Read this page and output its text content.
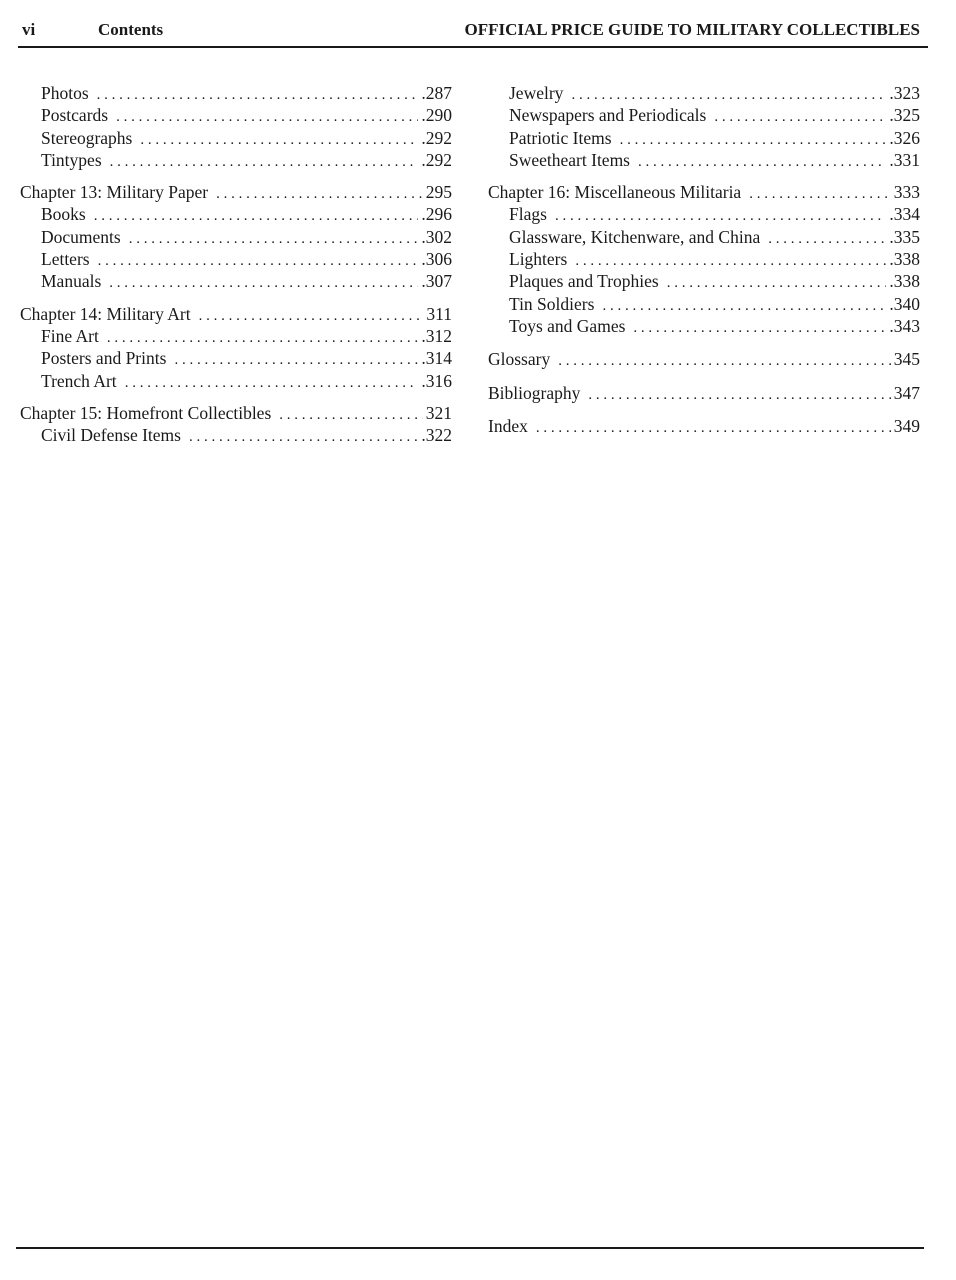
vi	Contents	OFFICIAL PRICE GUIDE TO MILITARY COLLECTIBLES
Photos . . .	.287
Postcards . . .	.290
Stereographs . . .	.292
Tintypes . . .	.292
Chapter 13: Military Paper . . .	295
Books . . .	.296
Documents . . .	.302
Letters . . .	.306
Manuals . . .	.307
Chapter 14: Military Art . . .	311
Fine Art . . .	.312
Posters and Prints . . .	.314
Trench Art . . .	.316
Chapter 15: Homefront Collectibles . . .	321
Civil Defense Items . . .	.322
Jewelry . . .	.323
Newspapers and Periodicals . . .	.325
Patriotic Items . . .	.326
Sweetheart Items . . .	.331
Chapter 16: Miscellaneous Militaria . . .	333
Flags . . .	.334
Glassware, Kitchenware, and China . . .	.335
Lighters . . .	.338
Plaques and Trophies . . .	.338
Tin Soldiers . . .	.340
Toys and Games . . .	.343
Glossary . . .	345
Bibliography . . .	347
Index . . .	349
